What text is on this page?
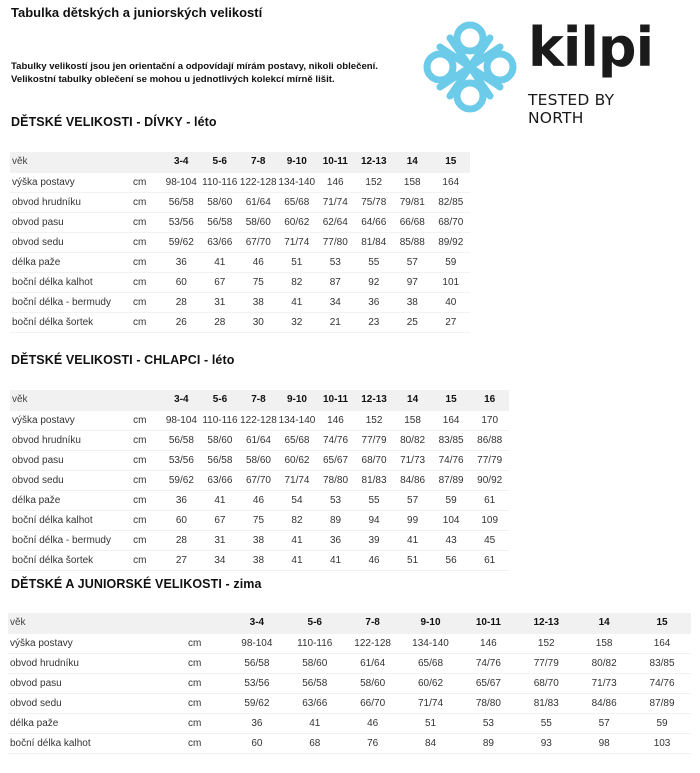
Tabulka dětských a juniorských velikostí
Tabulky velikostí jsou jen orientační a odpovídají mírám postavy, nikoli oblečení.
Velikostní tabulky oblečení se mohou u jednotlivých kolekcí mírně lišit.	kilpi
TESTED BY NORTH
DĚTSKÉ VELIKOSTI - DÍVKY - léto
věk		3-4	5-6	7-8	9-10	10-11	12-13	14	15
výška postavy	cm	98-104	110-116	122-128	134-140	146	152	158	164
obvod hrudníku	cm	56/58	58/60	61/64	65/68	71/74	75/78	79/81	82/85
obvod pasu	cm	53/56	56/58	58/60	60/62	62/64	64/66	66/68	68/70
obvod sedu	cm	59/62	63/66	67/70	71/74	77/80	81/84	85/88	89/92
délka paže	cm	36	41	46	51	53	55	57	59
boční délka kalhot	cm	60	67	75	82	87	92	97	101
boční délka - bermudy	cm	28	31	38	41	34	36	38	40
boční délka šortek	cm	26	28	30	32	21	23	25	27
DĚTSKÉ VELIKOSTI - CHLAPCI - léto
věk		3-4	5-6	7-8	9-10	10-11	12-13	14	15	16
výška postavy	cm	98-104	110-116	122-128	134-140	146	152	158	164	170
obvod hrudníku	cm	56/58	58/60	61/64	65/68	74/76	77/79	80/82	83/85	86/88
obvod pasu	cm	53/56	56/58	58/60	60/62	65/67	68/70	71/73	74/76	77/79
obvod sedu	cm	59/62	63/66	67/70	71/74	78/80	81/83	84/86	87/89	90/92
délka paže	cm	36	41	46	54	53	55	57	59	61
boční délka kalhot	cm	60	67	75	82	89	94	99	104	109
boční délka - bermudy	cm	28	31	38	41	36	39	41	43	45
boční délka šortek	cm	27	34	38	41	41	46	51	56	61
DĚTSKÉ A JUNIORSKÉ VELIKOSTI - zima
věk		3-4	5-6	7-8	9-10	10-11	12-13	14	15
výška postavy	cm	98-104	110-116	122-128	134-140	146	152	158	164
obvod hrudníku	cm	56/58	58/60	61/64	65/68	74/76	77/79	80/82	83/85
obvod pasu	cm	53/56	56/58	58/60	60/62	65/67	68/70	71/73	74/76
obvod sedu	cm	59/62	63/66	66/70	71/74	78/80	81/83	84/86	87/89
délka paže	cm	36	41	46	51	53	55	57	59
boční délka kalhot	cm	60	68	76	84	89	93	98	103
